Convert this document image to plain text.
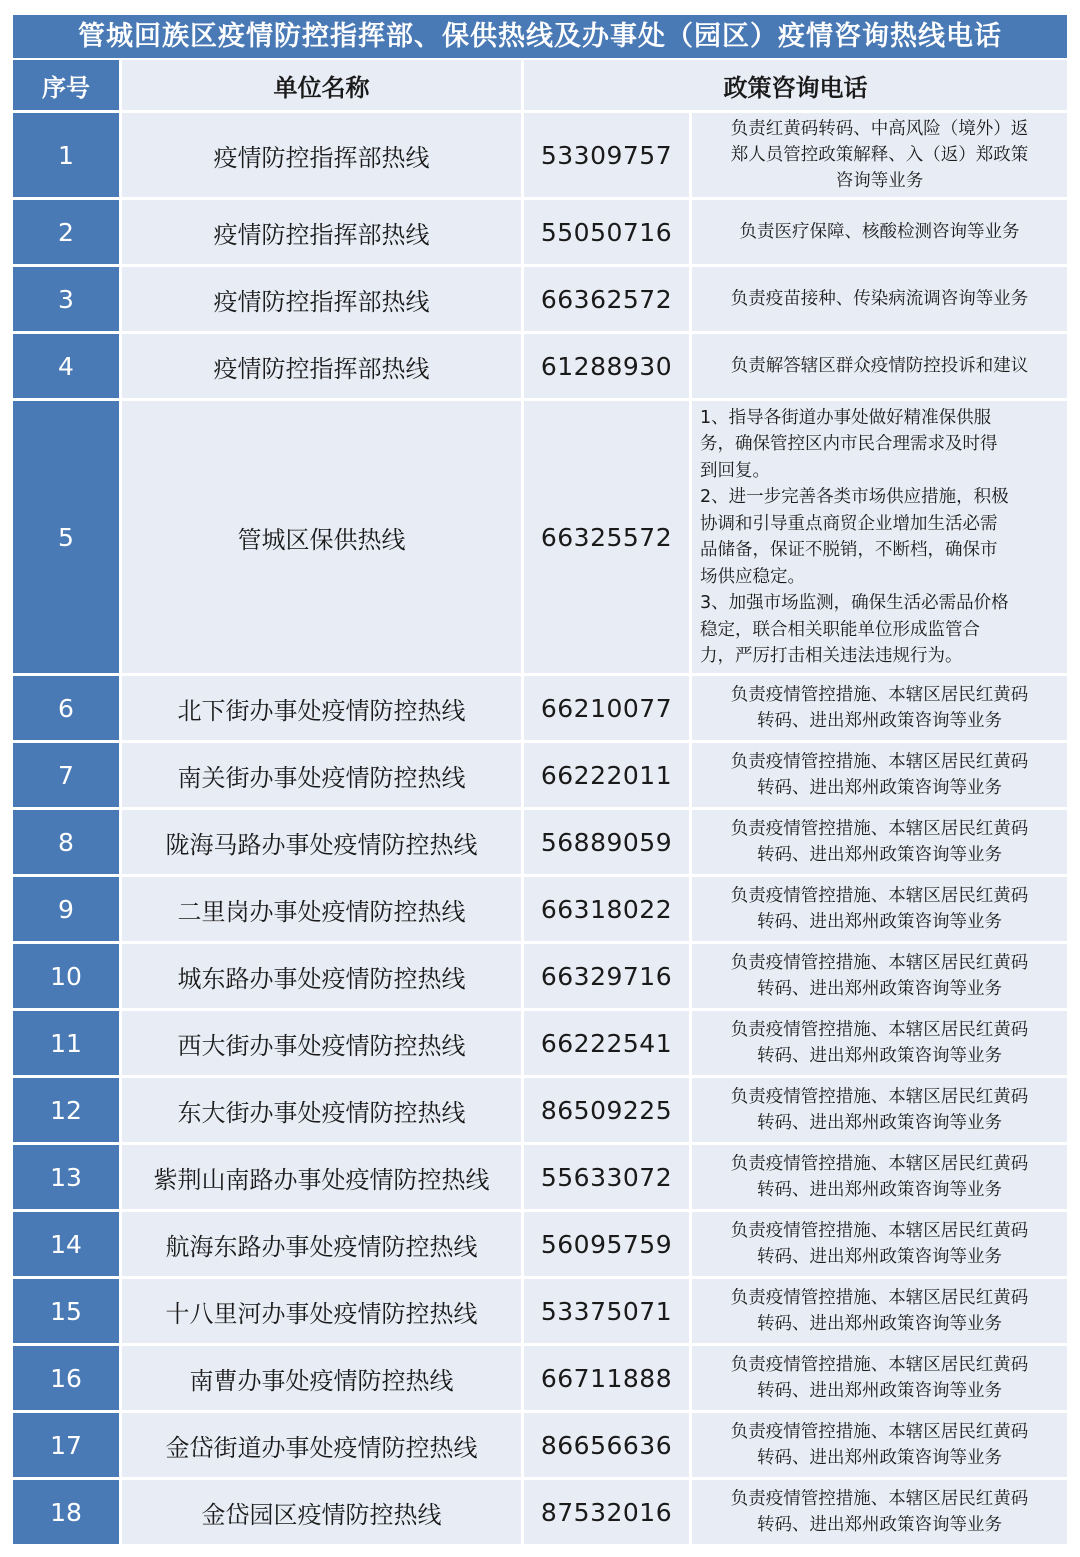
管城回族区疫情防控指挥部、保供热线及办事处（园区）疫情咨询热线电话
序号	单位名称	政策咨询电话	
1	疫情防控指挥部热线	53309757	负责红黄码转码、中高风险（境外）返
郑人员管控政策解释、入（返）郑政策
咨询等业务

2	疫情防控指挥部热线	55050716	负责医疗保障、核酸检测咨询等业务

3	疫情防控指挥部热线	66362572	负责疫苗接种、传染病流调咨询等业务

4	疫情防控指挥部热线	61288930	负责解答辖区群众疫情防控投诉和建议

5	管城区保供热线	66325572	
1、指导各街道办事处做好精准保供服
务，确保管控区内市民合理需求及时得
到回复。
2、进一步完善各类市场供应措施，积极
协调和引导重点商贸企业增加生活必需
品储备，保证不脱销，不断档，确保市
场供应稳定。
3、加强市场监测，确保生活必需品价格
稳定，联合相关职能单位形成监管合
力，严厉打击相关违法违规行为。

6	北下街办事处疫情防控热线	66210077	负责疫情管控措施、本辖区居民红黄码
转码、进出郑州政策咨询等业务

7	南关街办事处疫情防控热线	66222011	负责疫情管控措施、本辖区居民红黄码
转码、进出郑州政策咨询等业务

8	陇海马路办事处疫情防控热线	56889059	负责疫情管控措施、本辖区居民红黄码
转码、进出郑州政策咨询等业务

9	二里岗办事处疫情防控热线	66318022	负责疫情管控措施、本辖区居民红黄码
转码、进出郑州政策咨询等业务

10	城东路办事处疫情防控热线	66329716	负责疫情管控措施、本辖区居民红黄码
转码、进出郑州政策咨询等业务

11	西大街办事处疫情防控热线	66222541	负责疫情管控措施、本辖区居民红黄码
转码、进出郑州政策咨询等业务

12	东大街办事处疫情防控热线	86509225	负责疫情管控措施、本辖区居民红黄码
转码、进出郑州政策咨询等业务

13	紫荆山南路办事处疫情防控热线	55633072	负责疫情管控措施、本辖区居民红黄码
转码、进出郑州政策咨询等业务

14	航海东路办事处疫情防控热线	56095759	负责疫情管控措施、本辖区居民红黄码
转码、进出郑州政策咨询等业务

15	十八里河办事处疫情防控热线	53375071	负责疫情管控措施、本辖区居民红黄码
转码、进出郑州政策咨询等业务

16	南曹办事处疫情防控热线	66711888	负责疫情管控措施、本辖区居民红黄码
转码、进出郑州政策咨询等业务

17	金岱街道办事处疫情防控热线	86656636	负责疫情管控措施、本辖区居民红黄码
转码、进出郑州政策咨询等业务

18	金岱园区疫情防控热线	87532016	负责疫情管控措施、本辖区居民红黄码
转码、进出郑州政策咨询等业务
